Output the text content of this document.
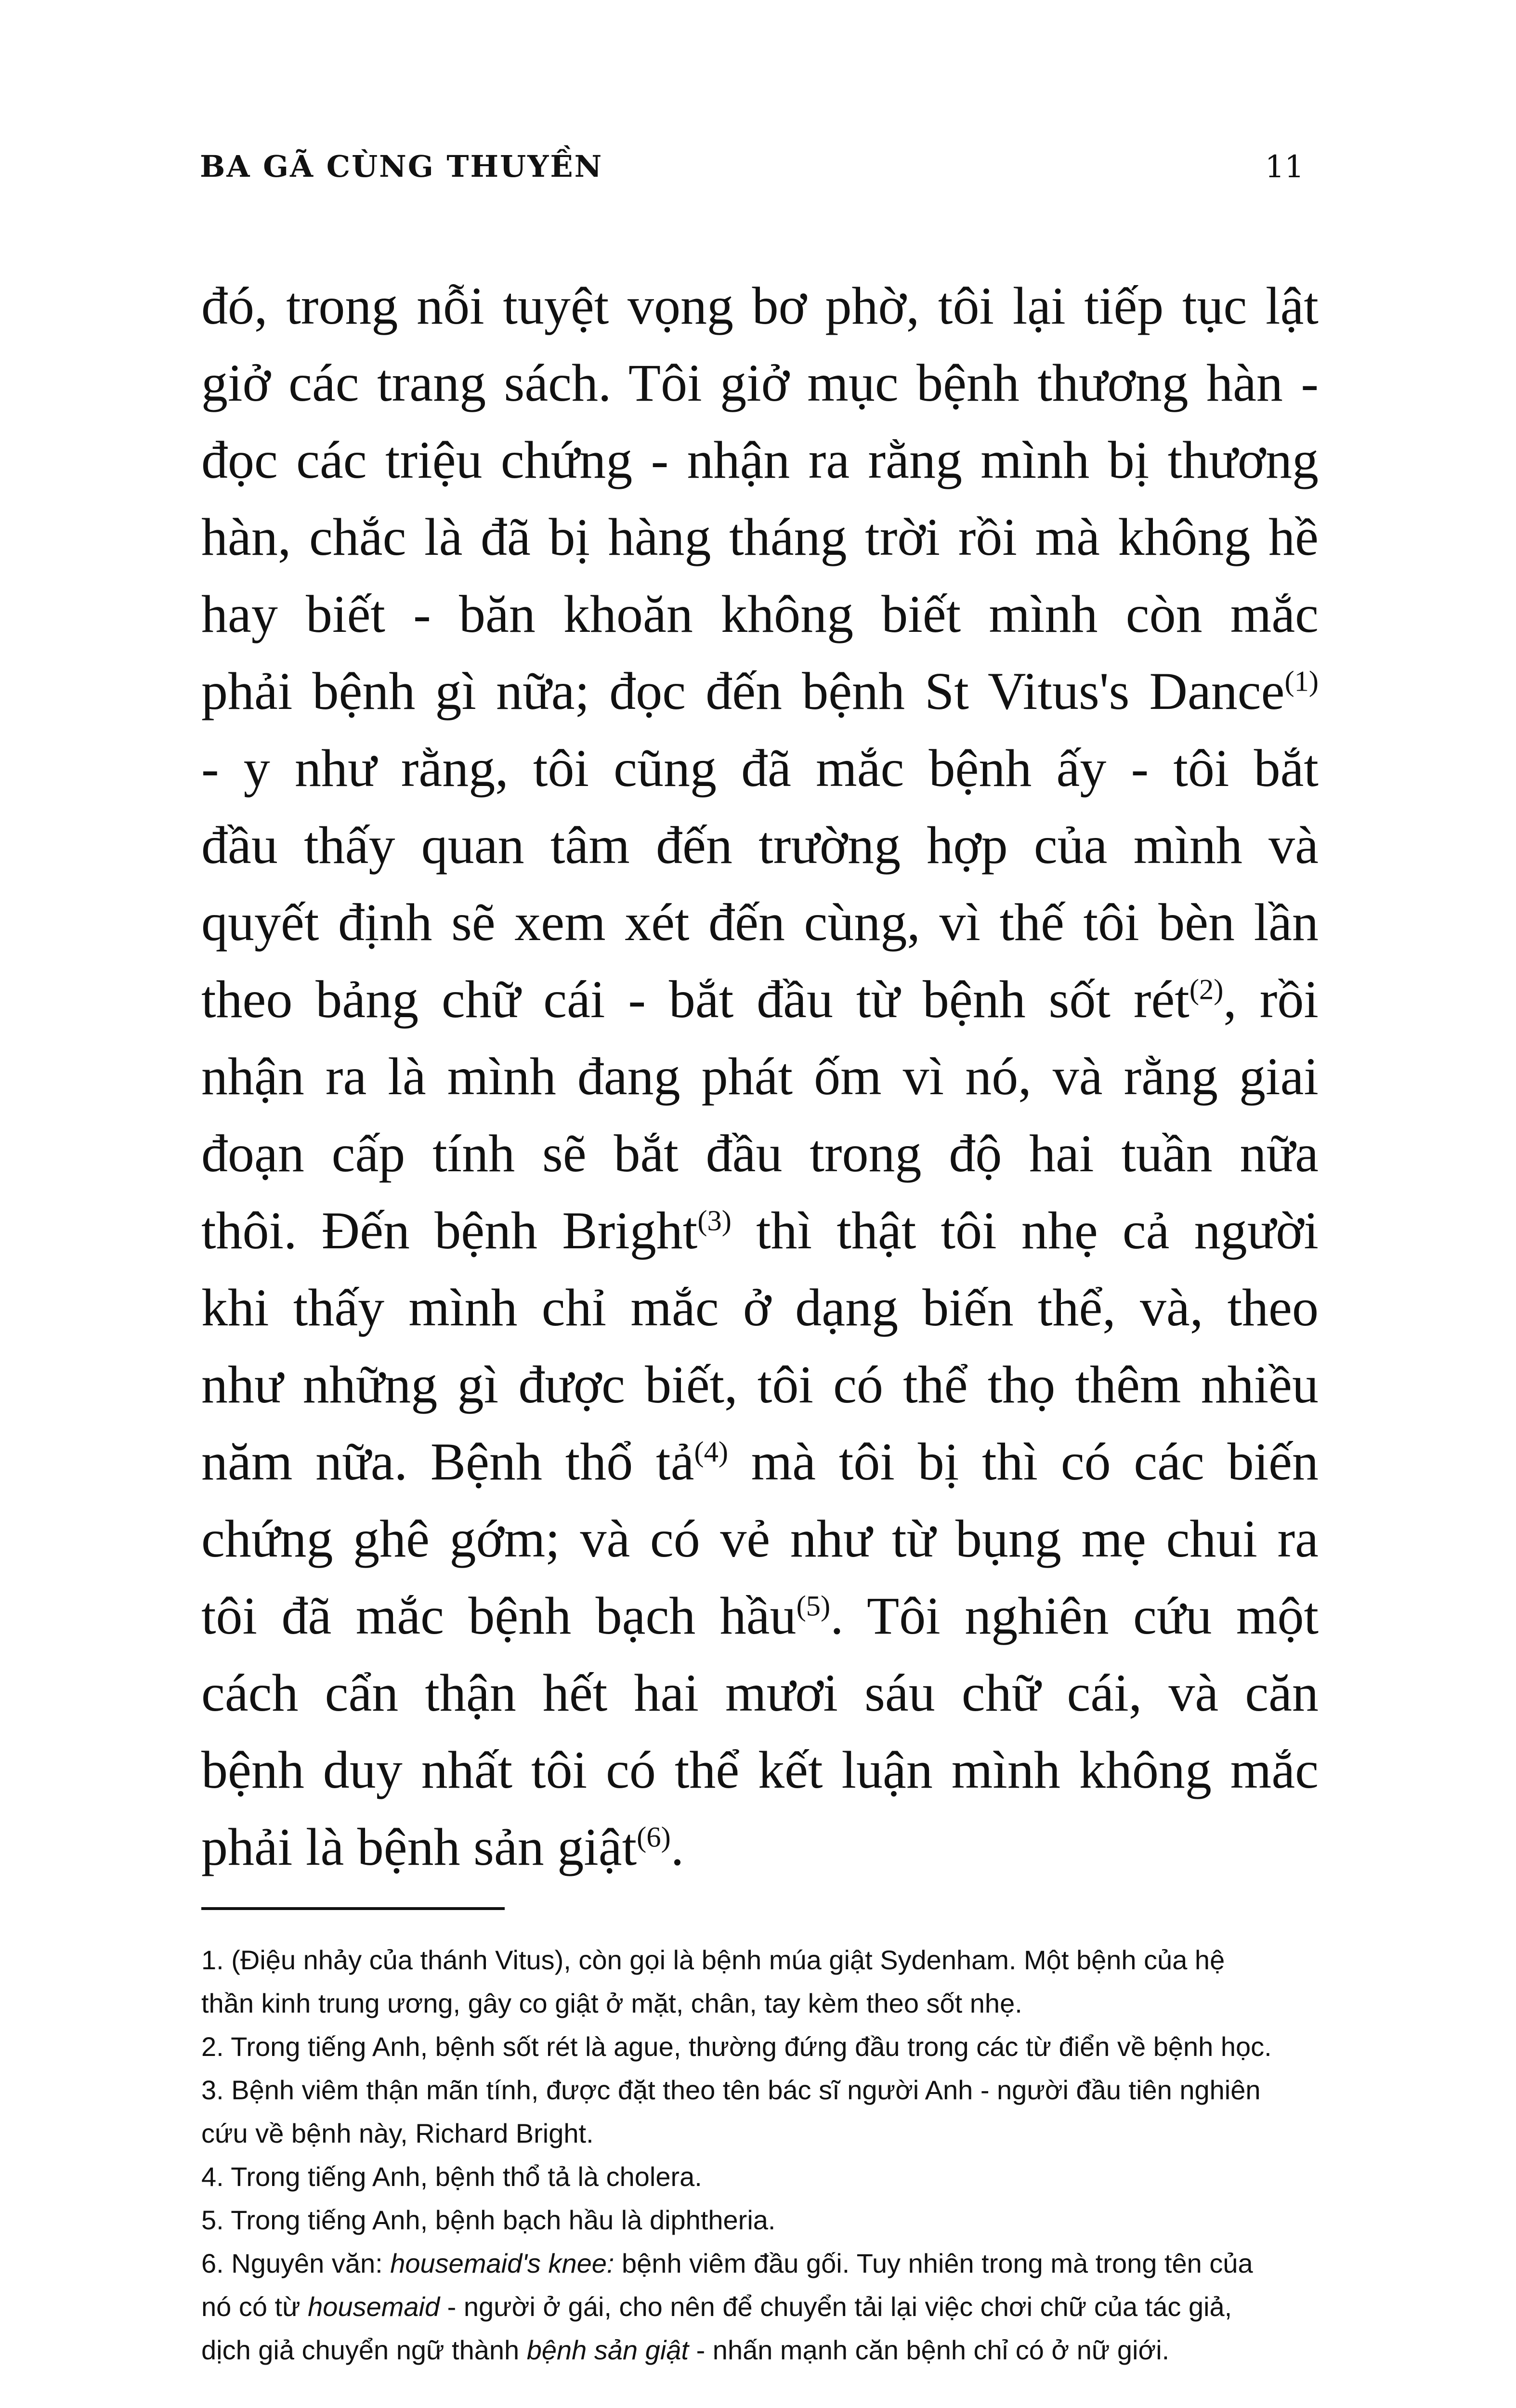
BA GÃ CÙNG THUYỀN	11
đó, trong nỗi tuyệt vọng bơ phờ, tôi lại tiếp tục lật
giở các trang sách. Tôi giở mục bệnh thương hàn -
đọc các triệu chứng - nhận ra rằng mình bị thương
hàn, chắc là đã bị hàng tháng trời rồi mà không hề
hay biết - băn khoăn không biết mình còn mắc
phải bệnh gì nữa; đọc đến bệnh St Vitus's Dance$^{(1)}$
- y như rằng, tôi cũng đã mắc bệnh ấy - tôi bắt
đầu thấy quan tâm đến trường hợp của mình và
quyết định sẽ xem xét đến cùng, vì thế tôi bèn lần
theo bảng chữ cái - bắt đầu từ bệnh sốt rét$^{(2)}$, rồi
nhận ra là mình đang phát ốm vì nó, và rằng giai
đoạn cấp tính sẽ bắt đầu trong độ hai tuần nữa
thôi. Đến bệnh Bright$^{(3)}$ thì thật tôi nhẹ cả người
khi thấy mình chỉ mắc ở dạng biến thể, và, theo
như những gì được biết, tôi có thể thọ thêm nhiều
năm nữa. Bệnh thổ tả$^{(4)}$ mà tôi bị thì có các biến
chứng ghê gớm; và có vẻ như từ bụng mẹ chui ra
tôi đã mắc bệnh bạch hầu$^{(5)}$. Tôi nghiên cứu một
cách cẩn thận hết hai mươi sáu chữ cái, và căn
bệnh duy nhất tôi có thể kết luận mình không mắc
phải là bệnh sản giật$^{(6)}$.
1. (Điệu nhảy của thánh Vitus), còn gọi là bệnh múa giật Sydenham. Một bệnh của hệ
thần kinh trung ương, gây co giật ở mặt, chân, tay kèm theo sốt nhẹ.
2. Trong tiếng Anh, bệnh sốt rét là ague, thường đứng đầu trong các từ điển về bệnh học.
3. Bệnh viêm thận mãn tính, được đặt theo tên bác sĩ người Anh - người đầu tiên nghiên
cứu về bệnh này, Richard Bright.
4. Trong tiếng Anh, bệnh thổ tả là cholera.
5. Trong tiếng Anh, bệnh bạch hầu là diphtheria.
6. Nguyên văn: housemaid's knee: bệnh viêm đầu gối. Tuy nhiên trong mà trong tên của
nó có từ housemaid - người ở gái, cho nên để chuyển tải lại việc chơi chữ của tác giả,
dịch giả chuyển ngữ thành bệnh sản giật - nhấn mạnh căn bệnh chỉ có ở nữ giới.
